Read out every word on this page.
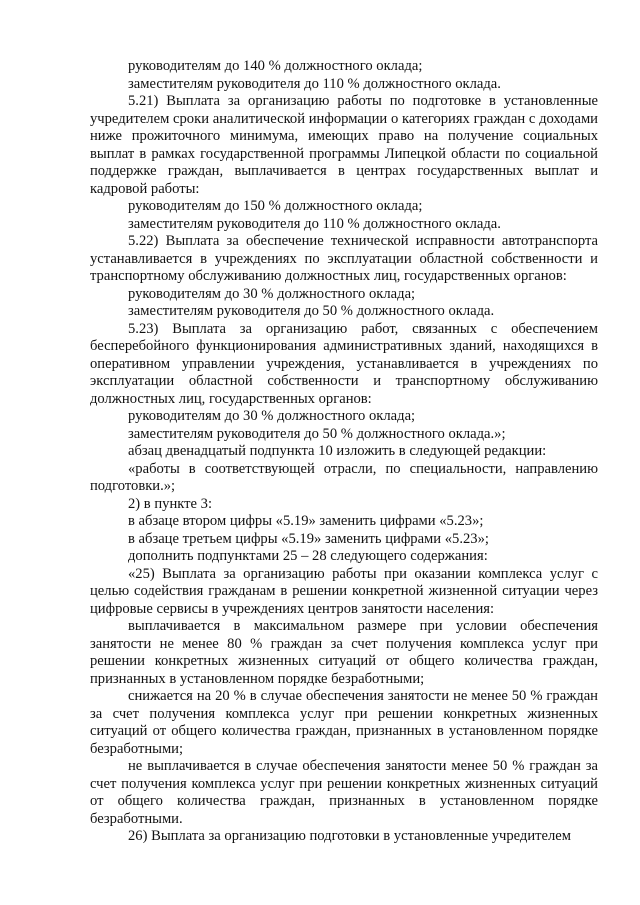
руководителям до 140 % должностного оклада;

заместителям руководителя до 110 % должностного оклада.

5.21) Выплата за организацию работы по подготовке в установленные учредителем сроки аналитической информации о категориях граждан с доходами ниже прожиточного минимума, имеющих право на получение социальных выплат в рамках государственной программы Липецкой области по социальной поддержке граждан, выплачивается в центрах государственных выплат и кадровой работы:

руководителям до 150 % должностного оклада;

заместителям руководителя до 110 % должностного оклада.

5.22) Выплата за обеспечение технической исправности автотранспорта устанавливается в учреждениях по эксплуатации областной собственности и транспортному обслуживанию должностных лиц, государственных органов:

руководителям до 30 % должностного оклада;

заместителям руководителя до 50 % должностного оклада.

5.23) Выплата за организацию работ, связанных с обеспечением бесперебойного функционирования административных зданий, находящихся в оперативном управлении учреждения, устанавливается в учреждениях по эксплуатации областной собственности и транспортному обслуживанию должностных лиц, государственных органов:

руководителям до 30 % должностного оклада;

заместителям руководителя до 50 % должностного оклада.»;

абзац двенадцатый подпункта 10 изложить в следующей редакции:

«работы в соответствующей отрасли, по специальности, направлению подготовки.»;

2) в пункте 3:

в абзаце втором цифры «5.19» заменить цифрами «5.23»;

в абзаце третьем цифры «5.19» заменить цифрами «5.23»;

дополнить подпунктами 25 – 28 следующего содержания:

«25) Выплата за организацию работы при оказании комплекса услуг с целью содействия гражданам в решении конкретной жизненной ситуации через цифровые сервисы в учреждениях центров занятости населения:

выплачивается в максимальном размере при условии обеспечения занятости не менее 80 % граждан за счет получения комплекса услуг при решении конкретных жизненных ситуаций от общего количества граждан, признанных в установленном порядке безработными;

снижается на 20 % в случае обеспечения занятости не менее 50 % граждан за счет получения комплекса услуг при решении конкретных жизненных ситуаций от общего количества граждан, признанных в установленном порядке безработными;

не выплачивается в случае обеспечения занятости менее 50 % граждан за счет получения комплекса услуг при решении конкретных жизненных ситуаций от общего количества граждан, признанных в установленном порядке безработными.

26) Выплата за организацию подготовки в установленные учредителем
